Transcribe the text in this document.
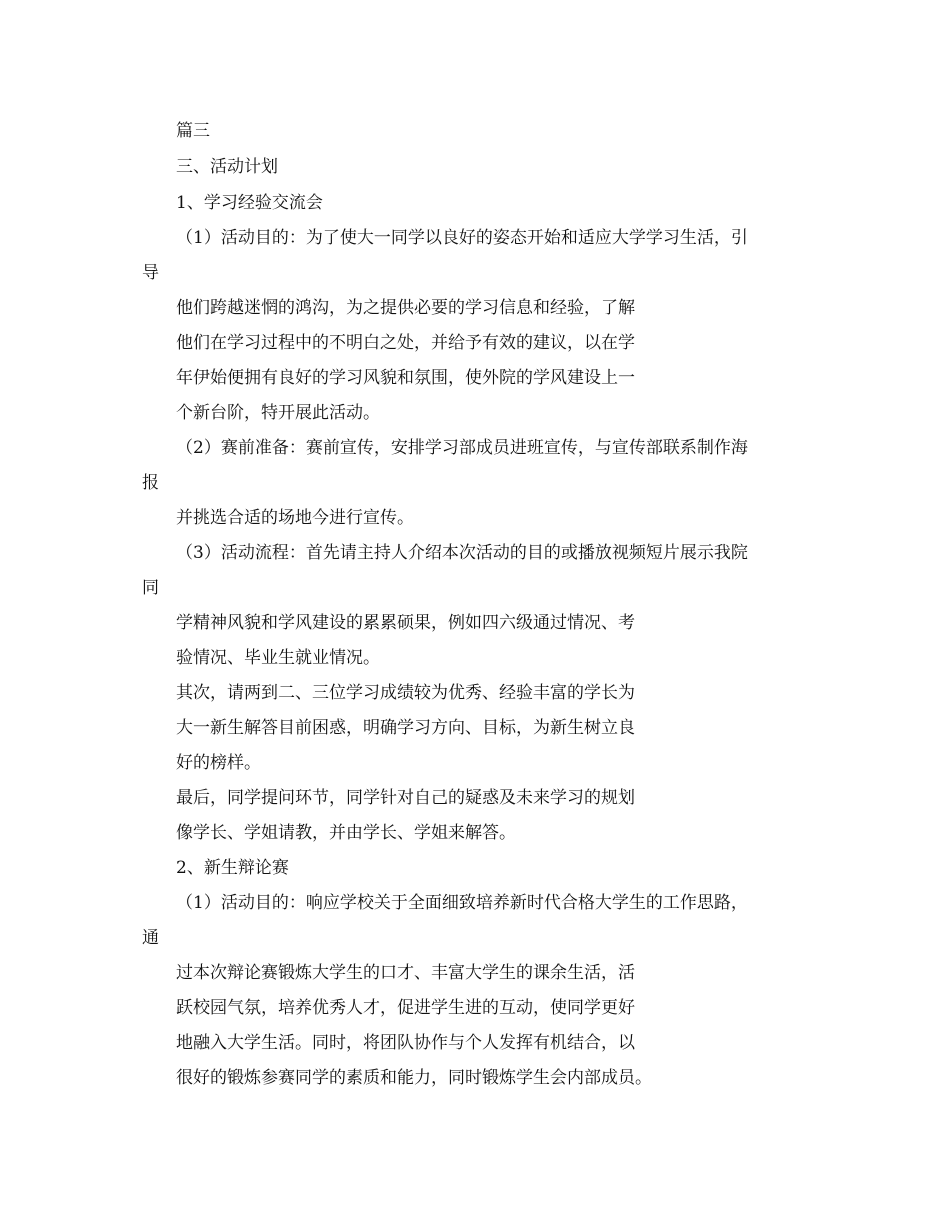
篇三
三、活动计划
1、学习经验交流会
（1）活动目的：为了使大一同学以良好的姿态开始和适应大学学习生活，引
导
他们跨越迷惘的鸿沟，为之提供必要的学习信息和经验，了解
他们在学习过程中的不明白之处，并给予有效的建议，以在学
年伊始便拥有良好的学习风貌和氛围，使外院的学风建设上一
个新台阶，特开展此活动。
（2）赛前准备：赛前宣传，安排学习部成员进班宣传，与宣传部联系制作海
报
并挑选合适的场地今进行宣传。
（3）活动流程：首先请主持人介绍本次活动的目的或播放视频短片展示我院
同
学精神风貌和学风建设的累累硕果，例如四六级通过情况、考
验情况、毕业生就业情况。
其次，请两到二、三位学习成绩较为优秀、经验丰富的学长为
大一新生解答目前困惑，明确学习方向、目标，为新生树立良
好的榜样。
最后，同学提问环节，同学针对自己的疑惑及未来学习的规划
像学长、学姐请教，并由学长、学姐来解答。
2、新生辩论赛
（1）活动目的：响应学校关于全面细致培养新时代合格大学生的工作思路，
通
过本次辩论赛锻炼大学生的口才、丰富大学生的课余生活，活
跃校园气氛，培养优秀人才，促进学生进的互动，使同学更好
地融入大学生活。同时，将团队协作与个人发挥有机结合，以
很好的锻炼参赛同学的素质和能力，同时锻炼学生会内部成员。
